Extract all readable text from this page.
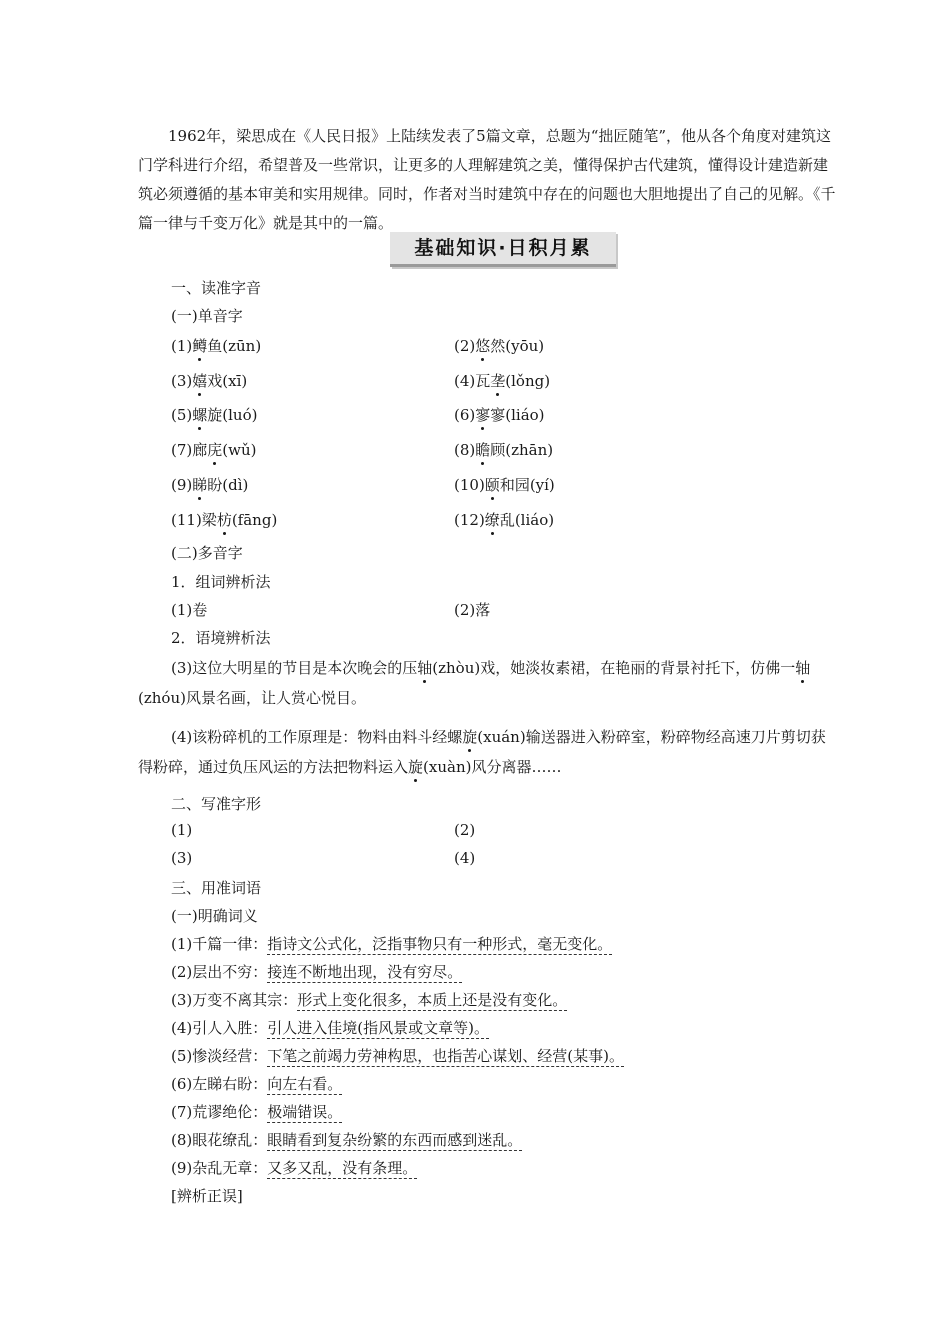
1962年，梁思成在《人民日报》上陆续发表了5篇文章，总题为“拙匠随笔”，他从各个角度对建筑这门学科进行介绍，希望普及一些常识，让更多的人理解建筑之美，懂得保护古代建筑，懂得设计建造新建筑必须遵循的基本审美和实用规律。同时，作者对当时建筑中存在的问题也大胆地提出了自己的见解。《千篇一律与千变万化》就是其中的一篇。

基础知识·日积月累
一、读准字音
(一)单音字
(1)鳟鱼(zūn)	(2)悠然(yōu)
(3)嬉戏(xī)	(4)瓦垄(lǒng)
(5)螺旋(luó)	(6)寥寥(liáo)
(7)廊庑(wǔ)	(8)瞻顾(zhān)
(9)睇盼(dì)	(10)颐和园(yí)
(11)梁枋(fāng)	(12)缭乱(liáo)
(二)多音字
1．组词辨析法
(1)卷	(2)落
2．语境辨析法

(3)这位大明星的节目是本次晚会的压轴(zhòu)戏，她淡妆素裙，在艳丽的背景衬托下，仿佛一轴(zhóu)风景名画，让人赏心悦目。

(4)该粉碎机的工作原理是：物料由料斗经螺旋(xuán)输送器进入粉碎室，粉碎物经高速刀片剪切获得粉碎，通过负压风运的方法把物料运入旋(xuàn)风分离器……

二、写准字形
(1)	(2)
(3)	(4)
三、用准词语
(一)明确词义
(1)千篇一律：指诗文公式化，泛指事物只有一种形式，毫无变化。
(2)层出不穷：接连不断地出现，没有穷尽。
(3)万变不离其宗：形式上变化很多，本质上还是没有变化。
(4)引人入胜：引人进入佳境(指风景或文章等)。
(5)惨淡经营：下笔之前竭力劳神构思，也指苦心谋划、经营(某事)。
(6)左睇右盼：向左右看。
(7)荒谬绝伦：极端错误。
(8)眼花缭乱：眼睛看到复杂纷繁的东西而感到迷乱。
(9)杂乱无章：又多又乱，没有条理。
[辨析正误]
